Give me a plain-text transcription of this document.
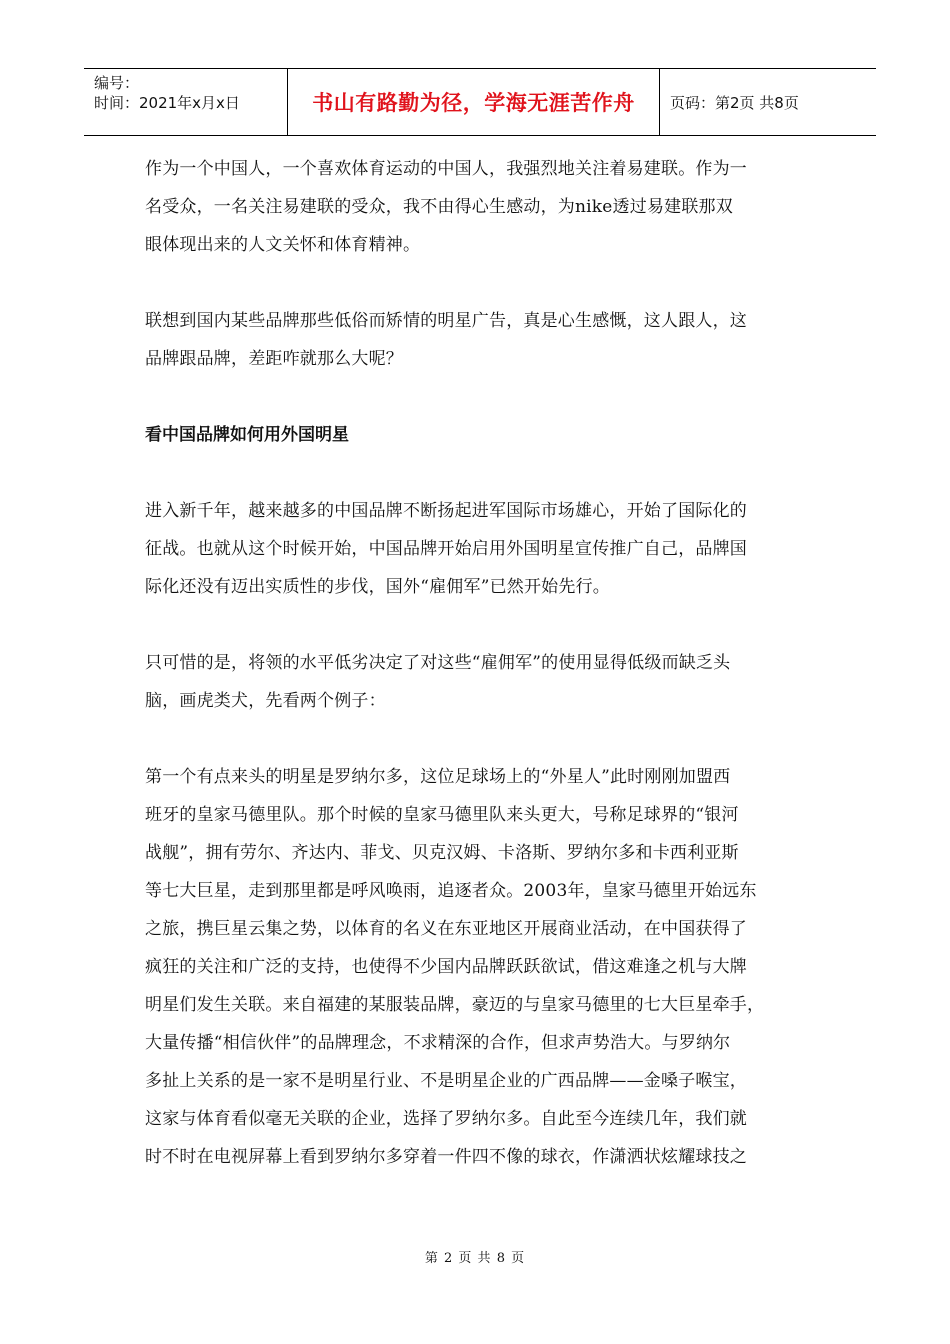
编号：
时间：2021年x月x日	书山有路勤为径，学海无涯苦作舟	页码：第2页 共8页
作为一个中国人，一个喜欢体育运动的中国人，我强烈地关注着易建联。作为一
名受众，一名关注易建联的受众，我不由得心生感动，为nike透过易建联那双
眼体现出来的人文关怀和体育精神。
联想到国内某些品牌那些低俗而矫情的明星广告，真是心生感慨，这人跟人，这
品牌跟品牌，差距咋就那么大呢？
看中国品牌如何用外国明星
进入新千年，越来越多的中国品牌不断扬起进军国际市场雄心，开始了国际化的
征战。也就从这个时候开始，中国品牌开始启用外国明星宣传推广自己，品牌国
际化还没有迈出实质性的步伐，国外“雇佣军”已然开始先行。
只可惜的是，将领的水平低劣决定了对这些“雇佣军”的使用显得低级而缺乏头
脑，画虎类犬，先看两个例子：
第一个有点来头的明星是罗纳尔多，这位足球场上的“外星人”此时刚刚加盟西
班牙的皇家马德里队。那个时候的皇家马德里队来头更大，号称足球界的“银河
战舰”，拥有劳尔、齐达内、菲戈、贝克汉姆、卡洛斯、罗纳尔多和卡西利亚斯
等七大巨星，走到那里都是呼风唤雨，追逐者众。2003年，皇家马德里开始远东
之旅，携巨星云集之势，以体育的名义在东亚地区开展商业活动，在中国获得了
疯狂的关注和广泛的支持，也使得不少国内品牌跃跃欲试，借这难逢之机与大牌
明星们发生关联。来自福建的某服装品牌，豪迈的与皇家马德里的七大巨星牵手，
大量传播“相信伙伴”的品牌理念，不求精深的合作，但求声势浩大。与罗纳尔
多扯上关系的是一家不是明星行业、不是明星企业的广西品牌——金嗓子喉宝，
这家与体育看似毫无关联的企业，选择了罗纳尔多。自此至今连续几年，我们就
时不时在电视屏幕上看到罗纳尔多穿着一件四不像的球衣，作潇洒状炫耀球技之
第 2 页 共 8 页
